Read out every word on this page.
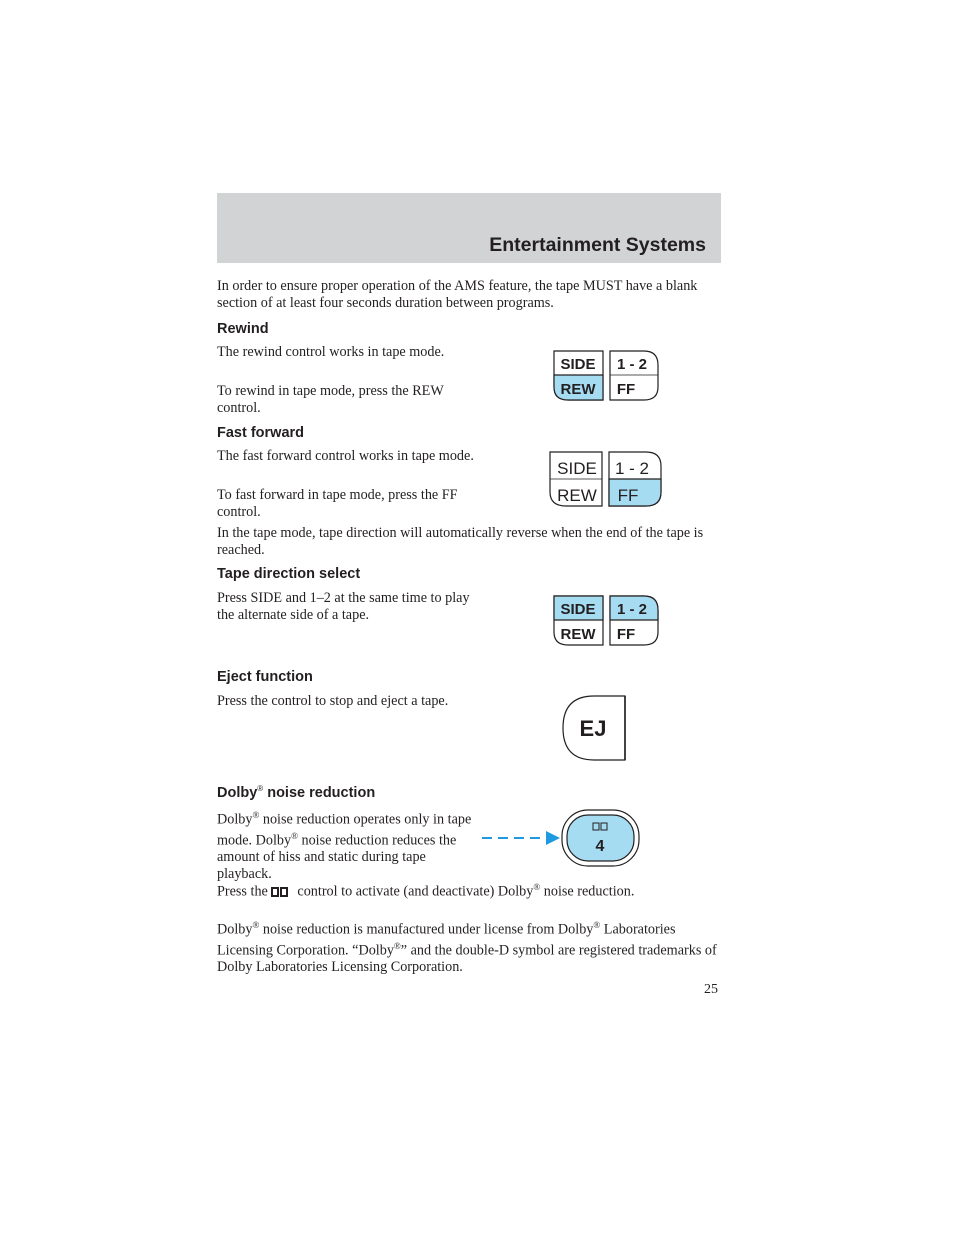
Entertainment Systems

In order to ensure proper operation of the AMS feature, the tape MUST have a blank section of at least four seconds duration between programs.

Rewind

The rewind control works in tape mode.

To rewind in tape mode, press the REW control.

SIDE
REW
1 - 2
FF
Fast forward

The fast forward control works in tape mode.

To fast forward in tape mode, press the FF control.

SIDE
REW
1 - 2
FF

In the tape mode, tape direction will automatically reverse when the end of the tape is reached.

Tape direction select

Press SIDE and 1–2 at the same time to play the alternate side of a tape.	SIDE
REW
1 - 2
FF
Eject function

Press the control to stop and eject a tape.

EJ
Dolby® noise reduction

Dolby® noise reduction operates only in tape mode. Dolby® noise reduction reduces the amount of hiss and static during tape playback.

4

Press the control to activate (and deactivate) Dolby® noise reduction.

Dolby® noise reduction is manufactured under license from Dolby® Laboratories Licensing Corporation. “Dolby®” and the double-D symbol are registered trademarks of Dolby Laboratories Licensing Corporation.

25
